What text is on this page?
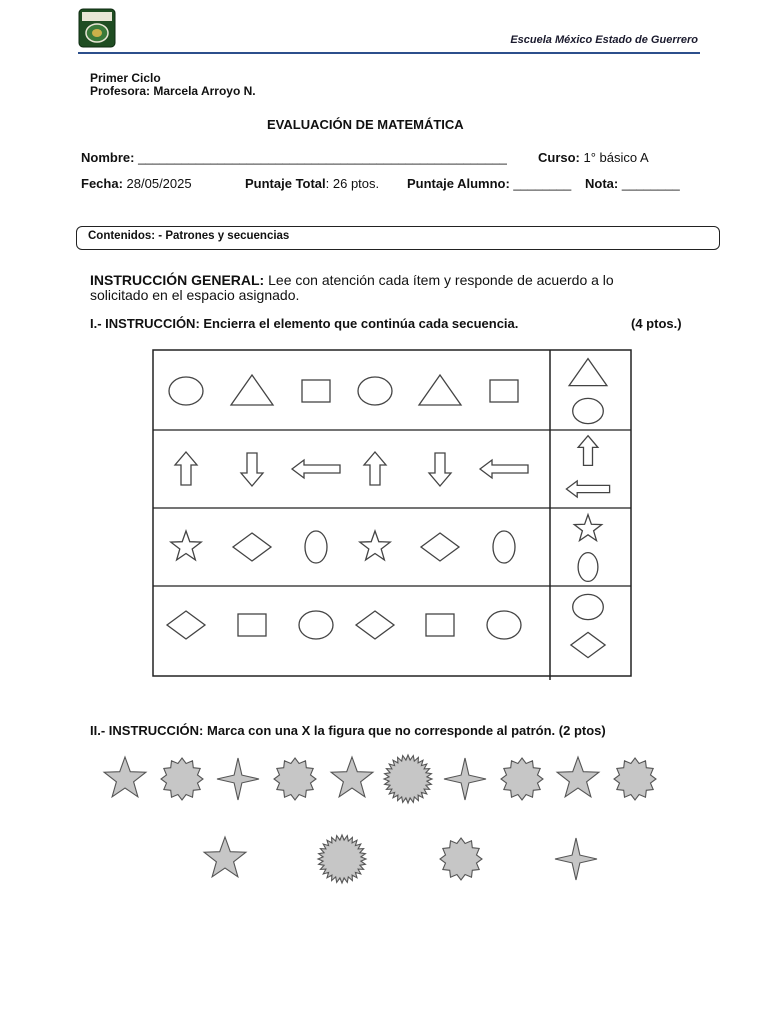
Escuela México Estado de Guerrero
Primer Ciclo
Profesora: Marcela Arroyo N.
EVALUACIÓN DE MATEMÁTICA
Nombre: ___________________________________________________ Curso: 1° básico A
Fecha: 28/05/2025	Puntaje Total: 26 ptos. Puntaje Alumno: ________ Nota: ________
Contenidos: - Patrones y secuencias
INSTRUCCIÓN GENERAL: Lee con atención cada ítem y responde de acuerdo a lo
solicitado en el espacio asignado.
I.- INSTRUCCIÓN: Encierra el elemento que continúa cada secuencia.	(4 ptos.)
II.- INSTRUCCIÓN: Marca con una X la figura que no corresponde al patrón. (2 ptos)
